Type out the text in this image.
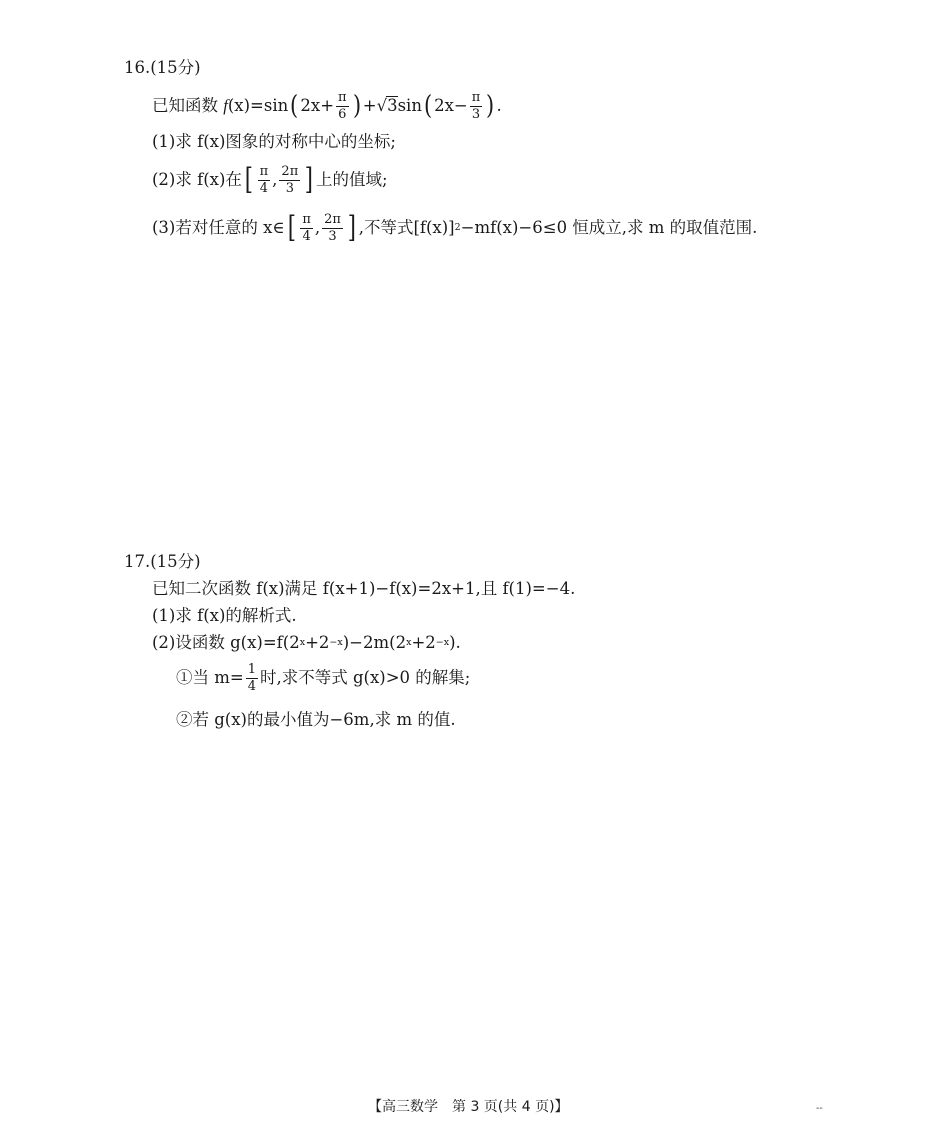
16.(15分)
已知函数
f (x)=sin ( $2x+ \frac{\pi}{6}$ ) + √ 3 sin ( $2x- \frac{\pi}{3}$ ) .
(1)求 f(x)图象的对称中心的坐标;
(2)求 f(x)在 [ $\frac{\pi}{4}$ , $\frac{2\pi}{3}$ ] 上的值域;
(3)若对任意的 x∈ [ $\frac{\pi}{4}$ , $\frac{2\pi}{3}$ ] ,不等式[f(x)] 2 −mf(x)−6≤0 恒成立,求 m 的取值范围.
17.(15分)
已知二次函数 f(x)满足 f(x+1)−f(x)=2x+1,且 f(1)=−4.
(1)求 f(x)的解析式.
(2)设函数 g(x)=f(2 x +2 −x )−2m(2 x +2 −x ).
①当 $m= \frac{1}{4}$ 时,求不等式 g(x)>0 的解集;
②若 g(x)的最小值为−6m,求 m 的值.
【高三数学　第 3 页(共 4 页)】	--
